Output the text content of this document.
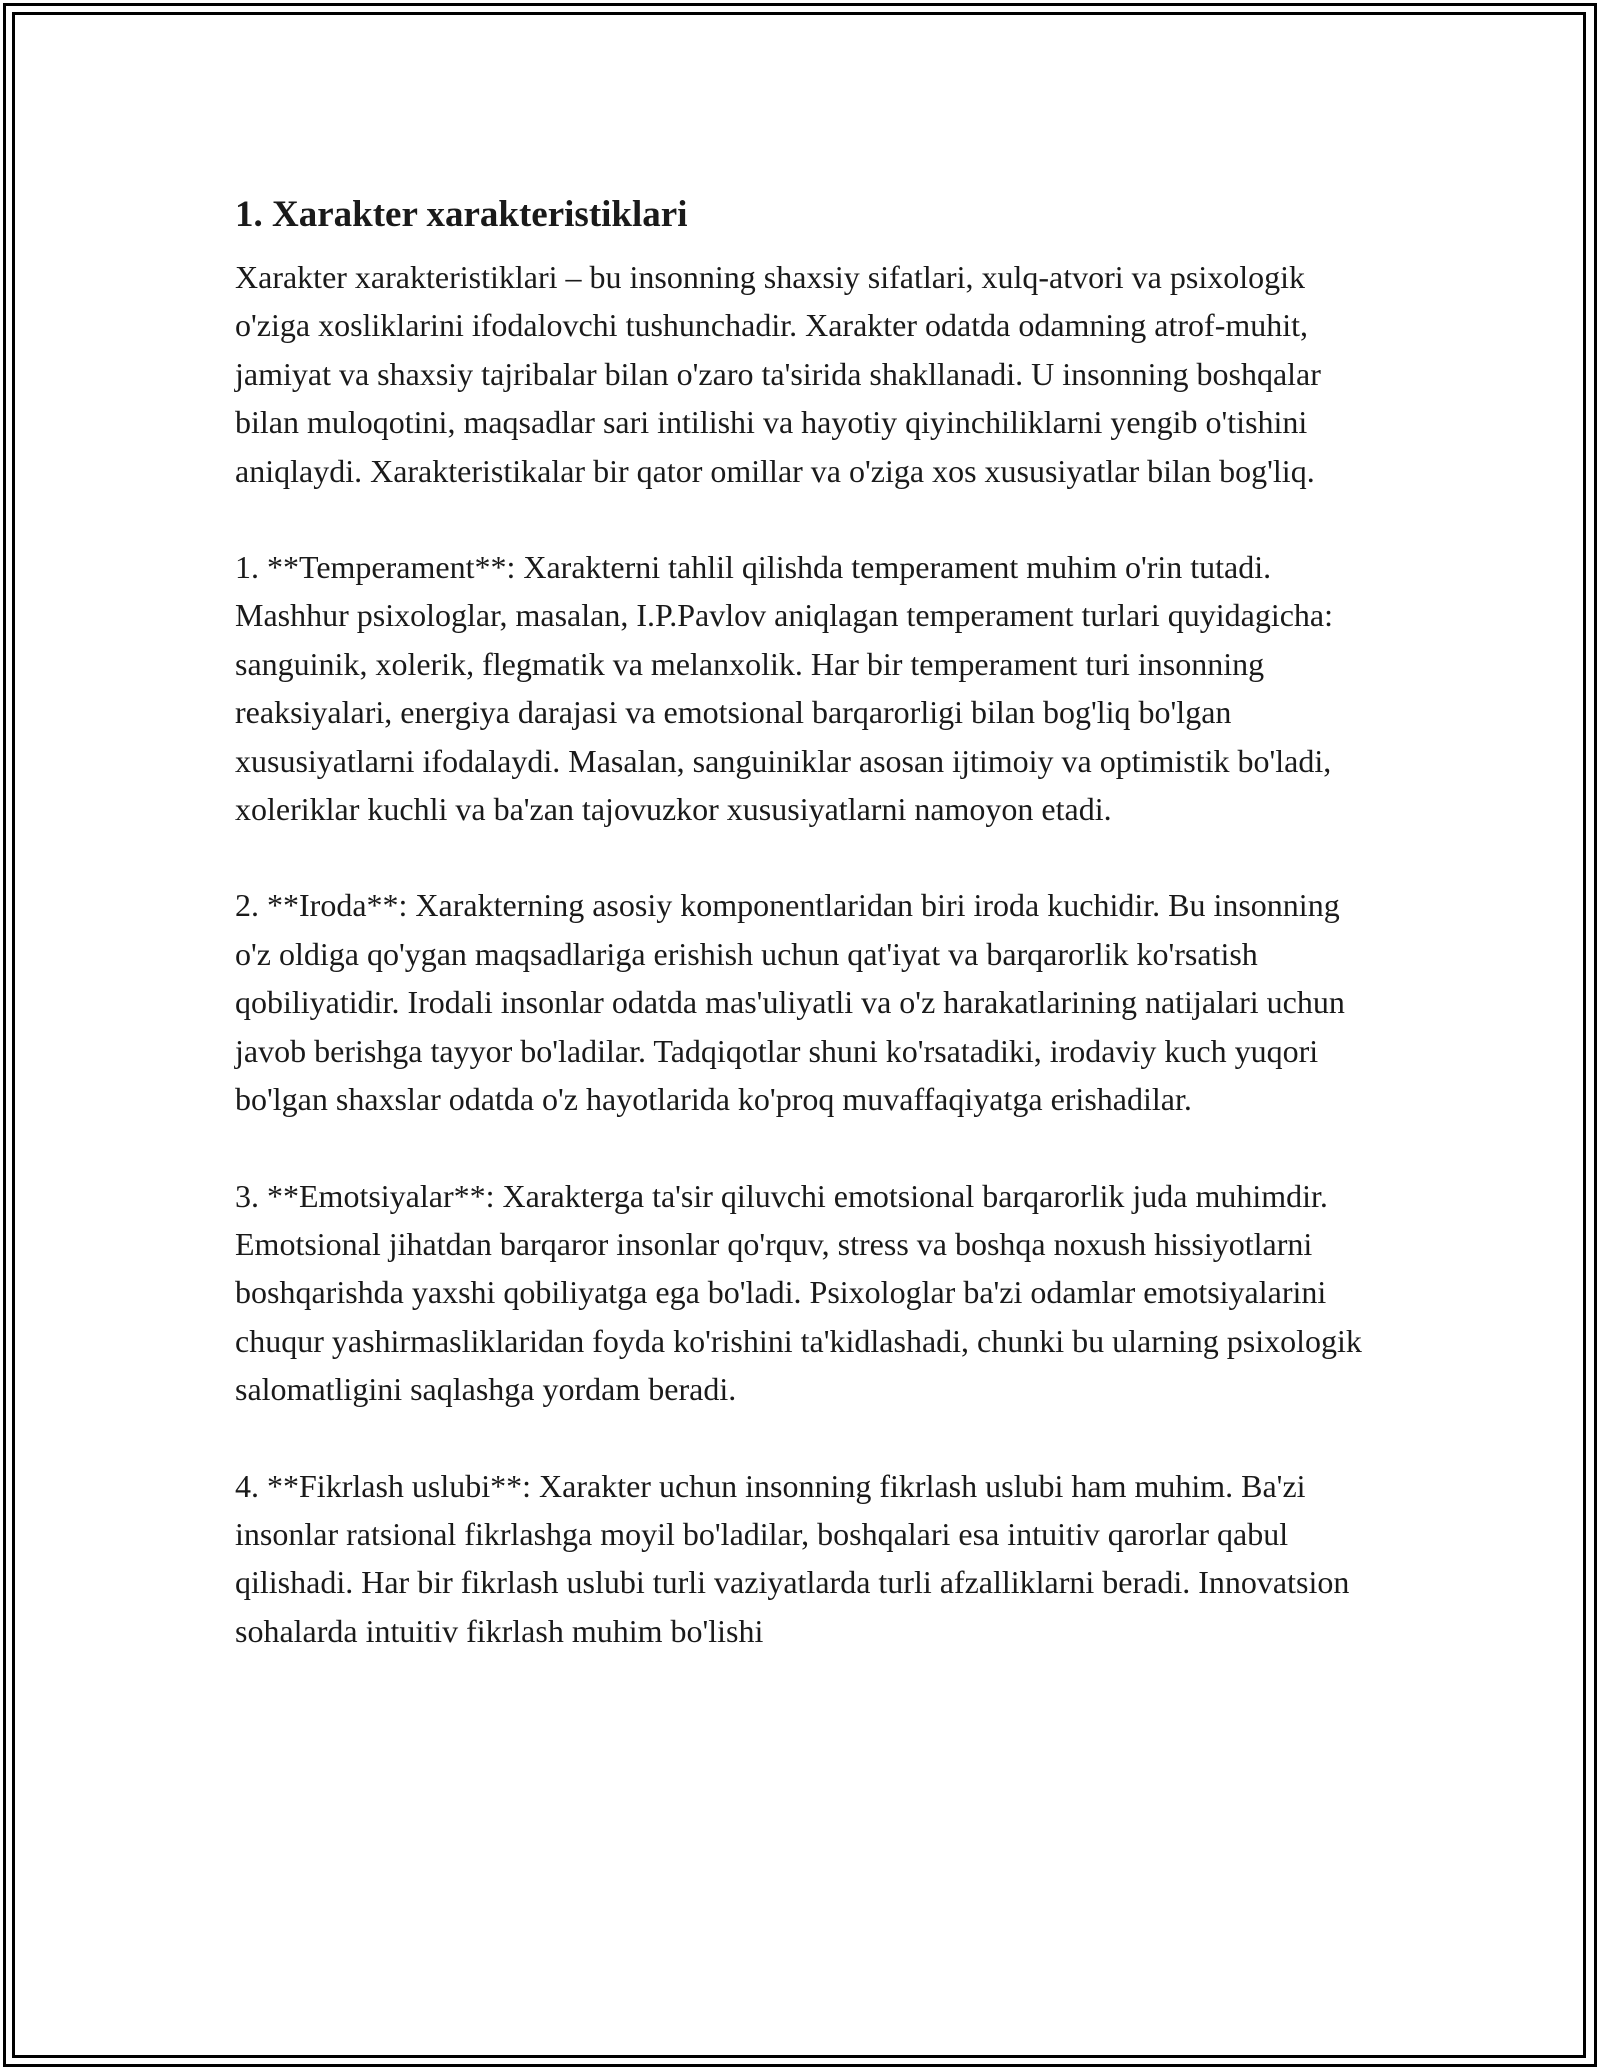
1. Xarakter xarakteristiklari

Xarakter xarakteristiklari – bu insonning shaxsiy sifatlari, xulq-atvori va psixologik o'ziga xosliklarini ifodalovchi tushunchadir. Xarakter odatda odamning atrof-muhit, jamiyat va shaxsiy tajribalar bilan o'zaro ta'sirida shakllanadi. U insonning boshqalar bilan muloqotini, maqsadlar sari intilishi va hayotiy qiyinchiliklarni yengib o'tishini aniqlaydi. Xarakteristikalar bir qator omillar va o'ziga xos xususiyatlar bilan bog'liq.

1. **Temperament**: Xarakterni tahlil qilishda temperament muhim o'rin tutadi. Mashhur psixologlar, masalan, I.P.Pavlov aniqlagan temperament turlari quyidagicha: sanguinik, xolerik, flegmatik va melanxolik. Har bir temperament turi insonning reaksiyalari, energiya darajasi va emotsional barqarorligi bilan bog'liq bo'lgan xususiyatlarni ifodalaydi. Masalan, sanguiniklar asosan ijtimoiy va optimistik bo'ladi, xoleriklar kuchli va ba'zan tajovuzkor xususiyatlarni namoyon etadi.

2. **Iroda**: Xarakterning asosiy komponentlaridan biri iroda kuchidir. Bu insonning o'z oldiga qo'ygan maqsadlariga erishish uchun qat'iyat va barqarorlik ko'rsatish qobiliyatidir. Irodali insonlar odatda mas'uliyatli va o'z harakatlarining natijalari uchun javob berishga tayyor bo'ladilar. Tadqiqotlar shuni ko'rsatadiki, irodaviy kuch yuqori bo'lgan shaxslar odatda o'z hayotlarida ko'proq muvaffaqiyatga erishadilar.

3. **Emotsiyalar**: Xarakterga ta'sir qiluvchi emotsional barqarorlik juda muhimdir. Emotsional jihatdan barqaror insonlar qo'rquv, stress va boshqa noxush hissiyotlarni boshqarishda yaxshi qobiliyatga ega bo'ladi. Psixologlar ba'zi odamlar emotsiyalarini chuqur yashirmasliklaridan foyda ko'rishini ta'kidlashadi, chunki bu ularning psixologik salomatligini saqlashga yordam beradi.

4. **Fikrlash uslubi**: Xarakter uchun insonning fikrlash uslubi ham muhim. Ba'zi insonlar ratsional fikrlashga moyil bo'ladilar, boshqalari esa intuitiv qarorlar qabul qilishadi. Har bir fikrlash uslubi turli vaziyatlarda turli afzalliklarni beradi. Innovatsion sohalarda intuitiv fikrlash muhim bo'lishi
